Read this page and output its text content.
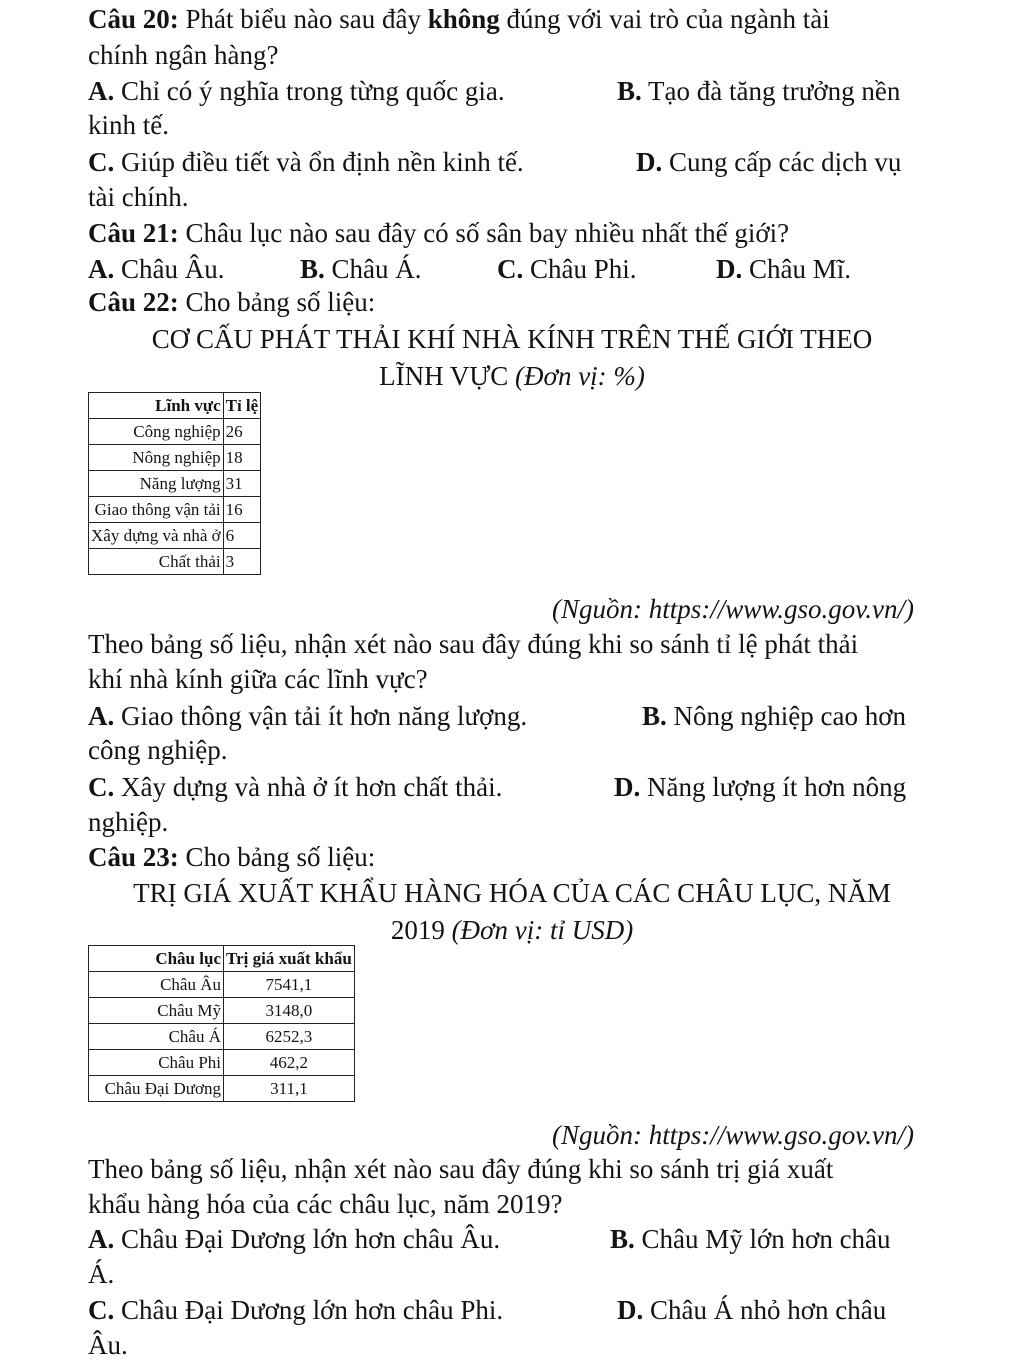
Câu 20: Phát biểu nào sau đây không đúng với vai trò của ngành tài
chính ngân hàng?
A. Chỉ có ý nghĩa trong từng quốc gia.	B. Tạo đà tăng trưởng nền
kinh tế.
C. Giúp điều tiết và ổn định nền kinh tế.	D. Cung cấp các dịch vụ
tài chính.
Câu 21: Châu lục nào sau đây có số sân bay nhiều nhất thế giới?
A. Châu Âu.	B. Châu Á.	C. Châu Phi.	D. Châu Mĩ.
Câu 22: Cho bảng số liệu:
CƠ CẤU PHÁT THẢI KHÍ NHÀ KÍNH TRÊN THẾ GIỚI THEO
LĨNH VỰC (Đơn vị: %)
Lĩnh vực	Tỉ lệ
Công nghiệp	26
Nông nghiệp	18
Năng lượng	31
Giao thông vận tải	16
Xây dựng và nhà ở	6
Chất thải	3
(Nguồn: https://www.gso.gov.vn/)
Theo bảng số liệu, nhận xét nào sau đây đúng khi so sánh tỉ lệ phát thải
khí nhà kính giữa các lĩnh vực?
A. Giao thông vận tải ít hơn năng lượng.	B. Nông nghiệp cao hơn
công nghiệp.
C. Xây dựng và nhà ở ít hơn chất thải.	D. Năng lượng ít hơn nông
nghiệp.
Câu 23: Cho bảng số liệu:
TRỊ GIÁ XUẤT KHẨU HÀNG HÓA CỦA CÁC CHÂU LỤC, NĂM
2019 (Đơn vị: tỉ USD)
Châu lục	Trị giá xuất khẩu
Châu Âu	7541,1
Châu Mỹ	3148,0
Châu Á	6252,3
Châu Phi	462,2
Châu Đại Dương	311,1
(Nguồn: https://www.gso.gov.vn/)
Theo bảng số liệu, nhận xét nào sau đây đúng khi so sánh trị giá xuất
khẩu hàng hóa của các châu lục, năm 2019?
A. Châu Đại Dương lớn hơn châu Âu.	B. Châu Mỹ lớn hơn châu
Á.
C. Châu Đại Dương lớn hơn châu Phi.	D. Châu Á nhỏ hơn châu
Âu.
